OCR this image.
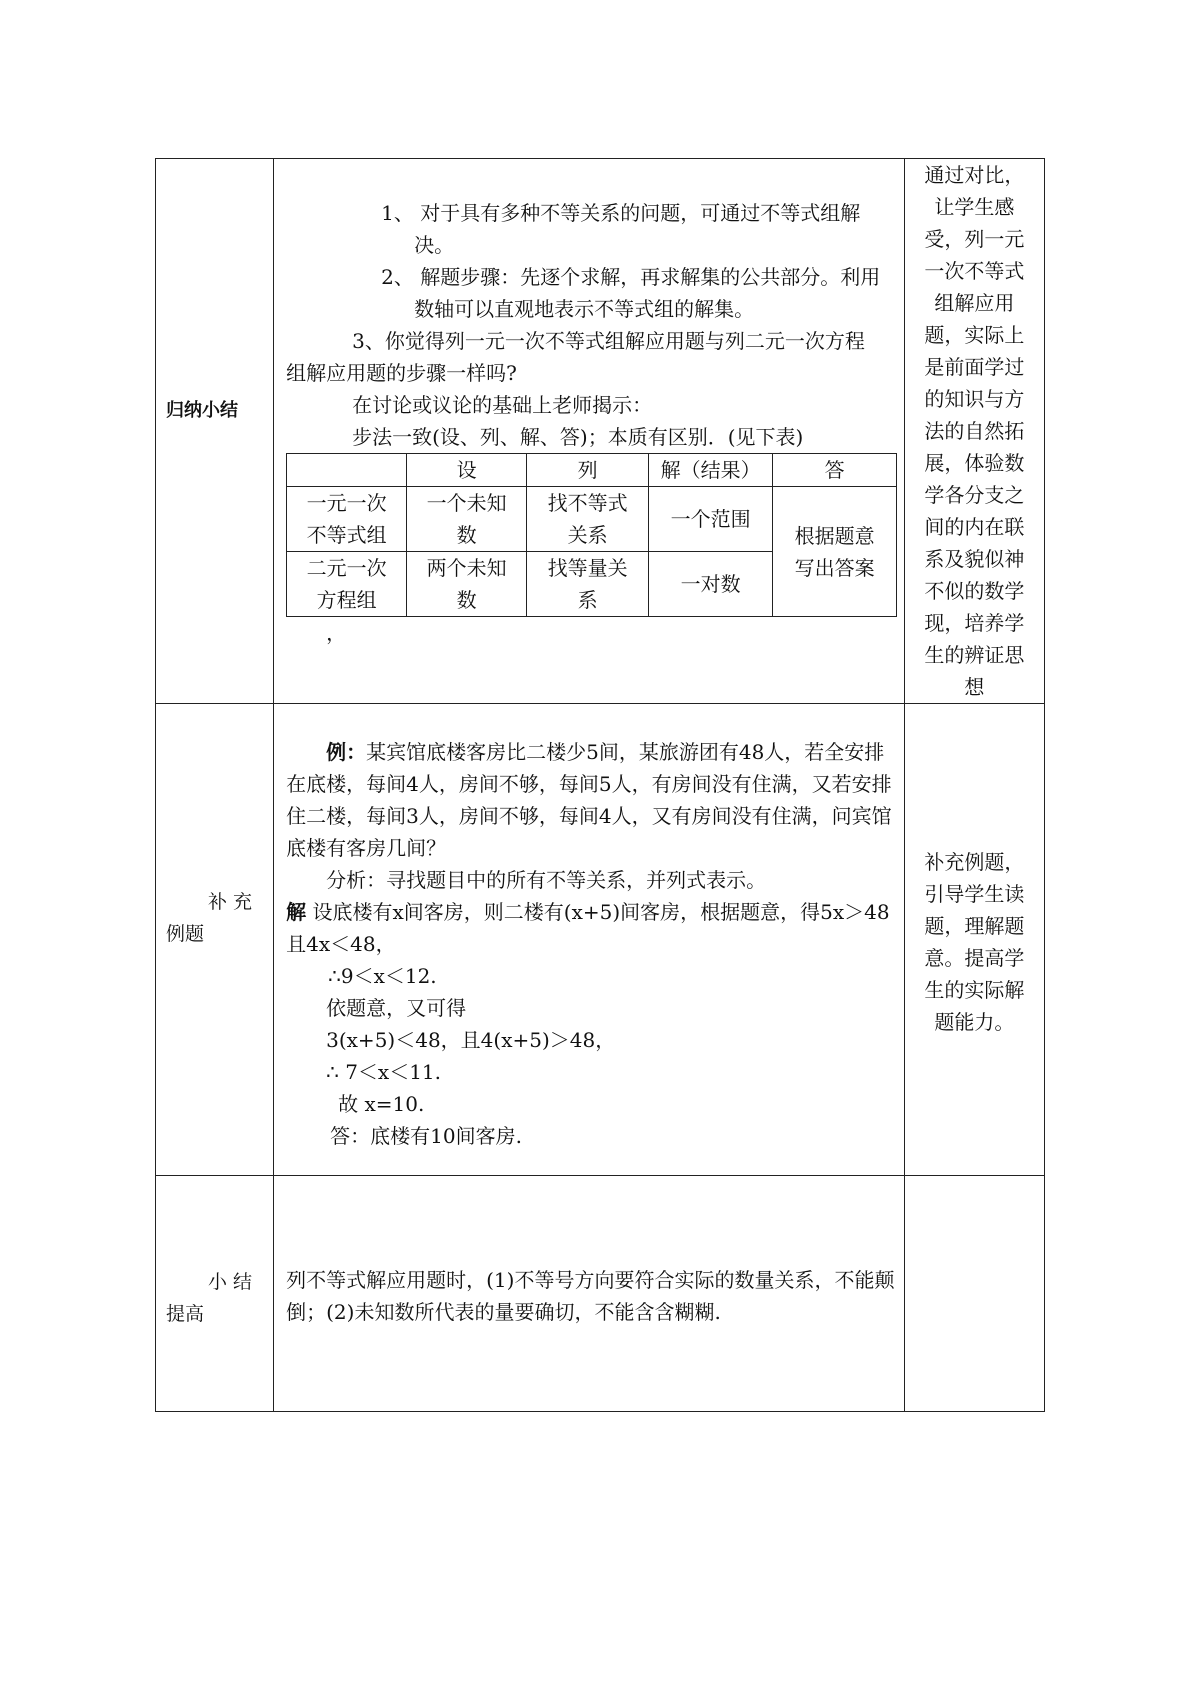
归纳小结

1、 对于具有多种不等关系的问题，可通过不等式组解

决。

2、 解题步骤：先逐个求解，再求解集的公共部分。利用

数轴可以直观地表示不等式组的解集。

3、你觉得列一元一次不等式组解应用题与列二元一次方程

组解应用题的步骤一样吗?

在讨论或议论的基础上老师揭示：

步法一致(设、列、解、答)；本质有区别．(见下表)

	设	列	解（结果）	答
一元一次不等式组	一个未知数	找不等式关系	一个范围	根据题意写出答案
二元一次方程组	两个未知数	找等量关系	一对数

，

通过对比，让学生感受，列一元一次不等式组解应用题，实际上是前面学过的知识与方法的自然拓展，体验数学各分支之间的内在联系及貌似神不似的数学现，培养学生的辨证思想

补 充
例题

例：某宾馆底楼客房比二楼少5间，某旅游团有48人，若全安排在底楼，每间4人，房间不够，每间5人，有房间没有住满，又若安排住二楼，每间3人，房间不够，每间4人，又有房间没有住满，问宾馆底楼有客房几间？

分析：寻找题目中的所有不等关系，并列式表示。

解 设底楼有x间客房，则二楼有(x+5)间客房，根据题意，得5x＞48且4x＜48，

∴9＜x＜12.

依题意，又可得

3(x+5)＜48，且4(x+5)＞48，

∴ 7＜x＜11.

故 x=10.

答：底楼有10间客房.

补充例题，引导学生读题，理解题意。提高学生的实际解题能力。

小 结
提高

列不等式解应用题时，(1)不等号方向要符合实际的数量关系，不能颠倒；(2)未知数所代表的量要确切，不能含含糊糊.
